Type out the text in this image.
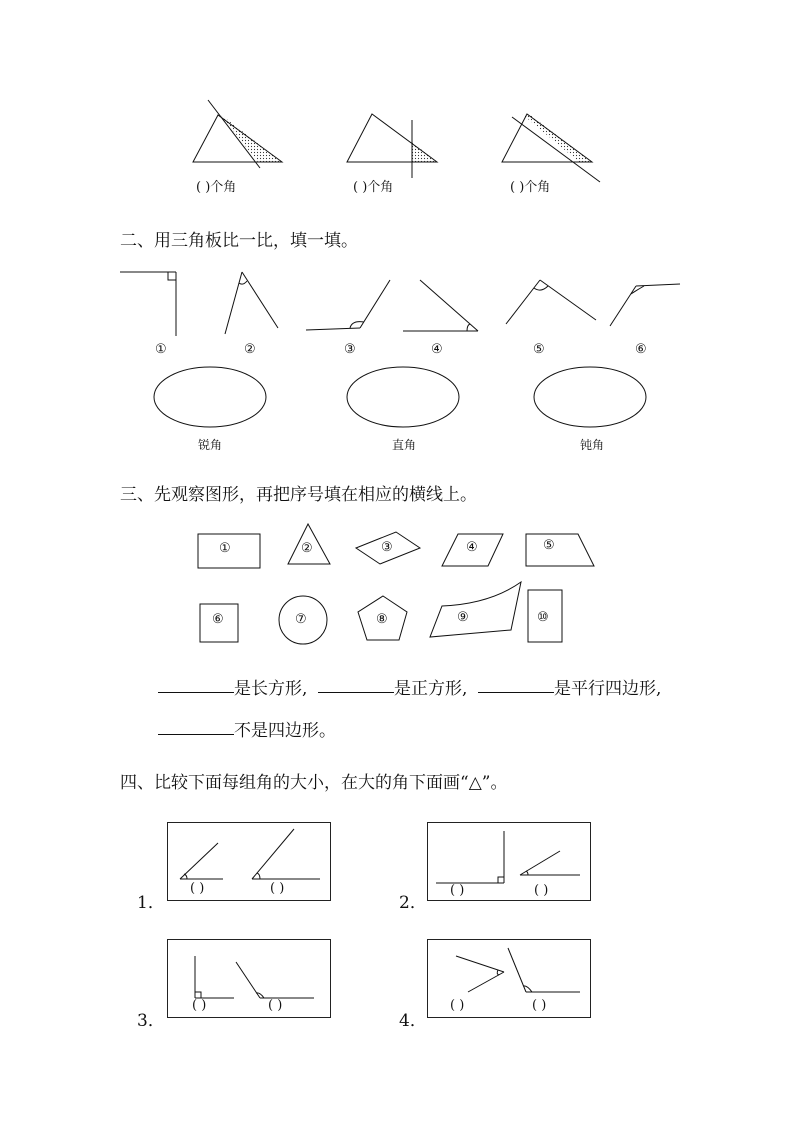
( )个角	( )个角	( )个角
二、用三角板比一比，填一填。
①	②	③	④	⑤	⑥
锐角	直角	钝角
三、先观察图形，再把序号填在相应的横线上。
①	②	③	④	⑤
⑥	⑦	⑧	⑨	⑩
是长方形,	是正方形,	是平行四边形,
不是四边形。
四、比较下面每组角的大小，在大的角下面画“△”。
1．
( )	( )
2．
( )	( )
3．
( )	( )
4．
( )	( )
